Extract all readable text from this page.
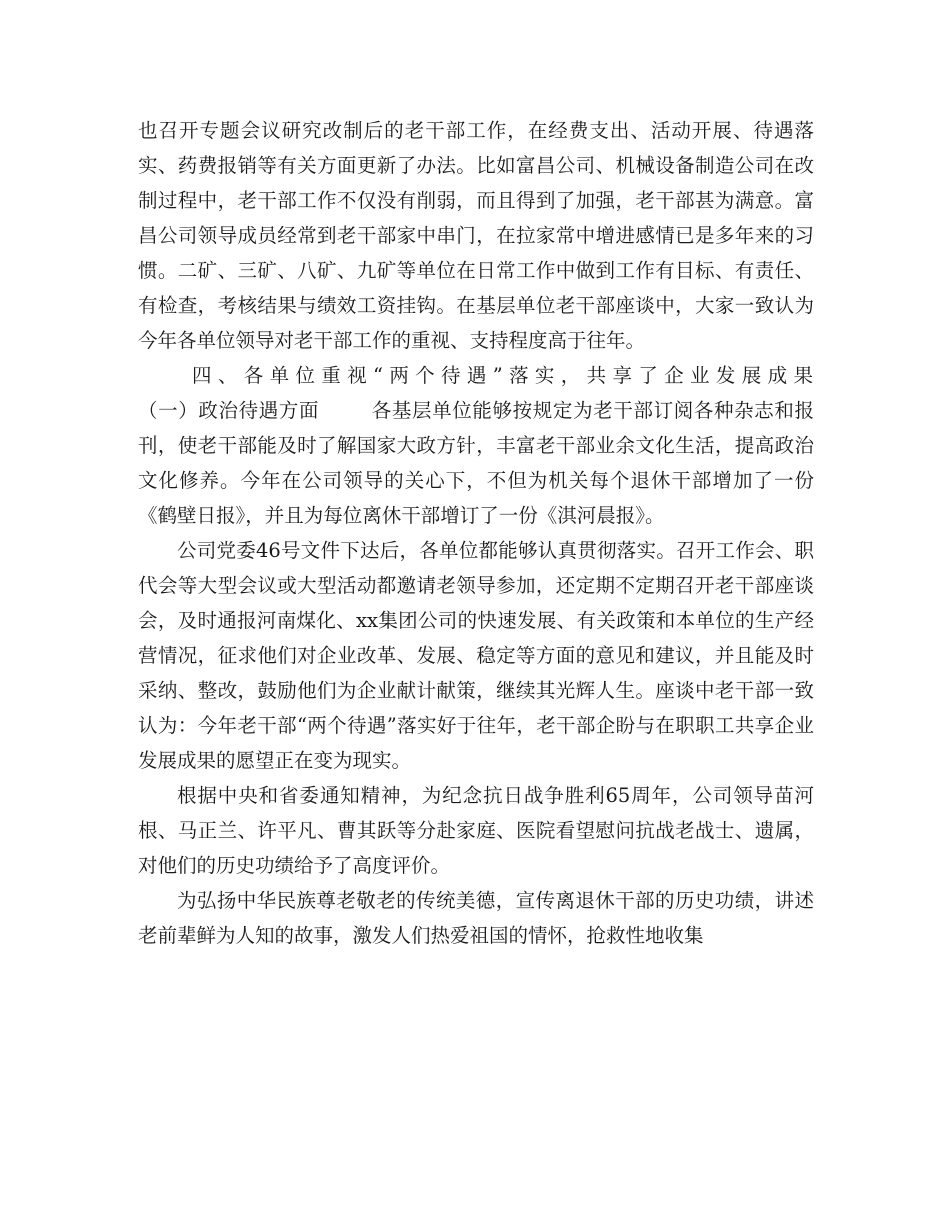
也召开专题会议研究改制后的老干部工作，在经费支出、活动开展、待遇落实、药费报销等有关方面更新了办法。比如富昌公司、机械设备制造公司在改制过程中，老干部工作不仅没有削弱，而且得到了加强，老干部甚为满意。富昌公司领导成员经常到老干部家中串门，在拉家常中增进感情已是多年来的习惯。二矿、三矿、八矿、九矿等单位在日常工作中做到工作有目标、有责任、有检查，考核结果与绩效工资挂钩。在基层单位老干部座谈中，大家一致认为今年各单位领导对老干部工作的重视、支持程度高于往年。

四、各单位重视“两个待遇”落实，共享了企业发展成果

（一）政治待遇方面	各基层单位能够按规定为老干部订阅各种杂志和报刊，使老干部能及时了解国家大政方针，丰富老干部业余文化生活，提高政治文化修养。今年在公司领导的关心下，不但为机关每个退休干部增加了一份《鹤壁日报》，并且为每位离休干部增订了一份《淇河晨报》。

公司党委46号文件下达后，各单位都能够认真贯彻落实。召开工作会、职代会等大型会议或大型活动都邀请老领导参加，还定期不定期召开老干部座谈会，及时通报河南煤化、xx集团公司的快速发展、有关政策和本单位的生产经营情况，征求他们对企业改革、发展、稳定等方面的意见和建议，并且能及时采纳、整改，鼓励他们为企业献计献策，继续其光辉人生。座谈中老干部一致认为：今年老干部“两个待遇”落实好于往年，老干部企盼与在职职工共享企业发展成果的愿望正在变为现实。

根据中央和省委通知精神，为纪念抗日战争胜利65周年，公司领导苗河根、马正兰、许平凡、曹其跃等分赴家庭、医院看望慰问抗战老战士、遗属，对他们的历史功绩给予了高度评价。

为弘扬中华民族尊老敬老的传统美德，宣传离退休干部的历史功绩，讲述老前辈鲜为人知的故事，激发人们热爱祖国的情怀，抢救性地收集
